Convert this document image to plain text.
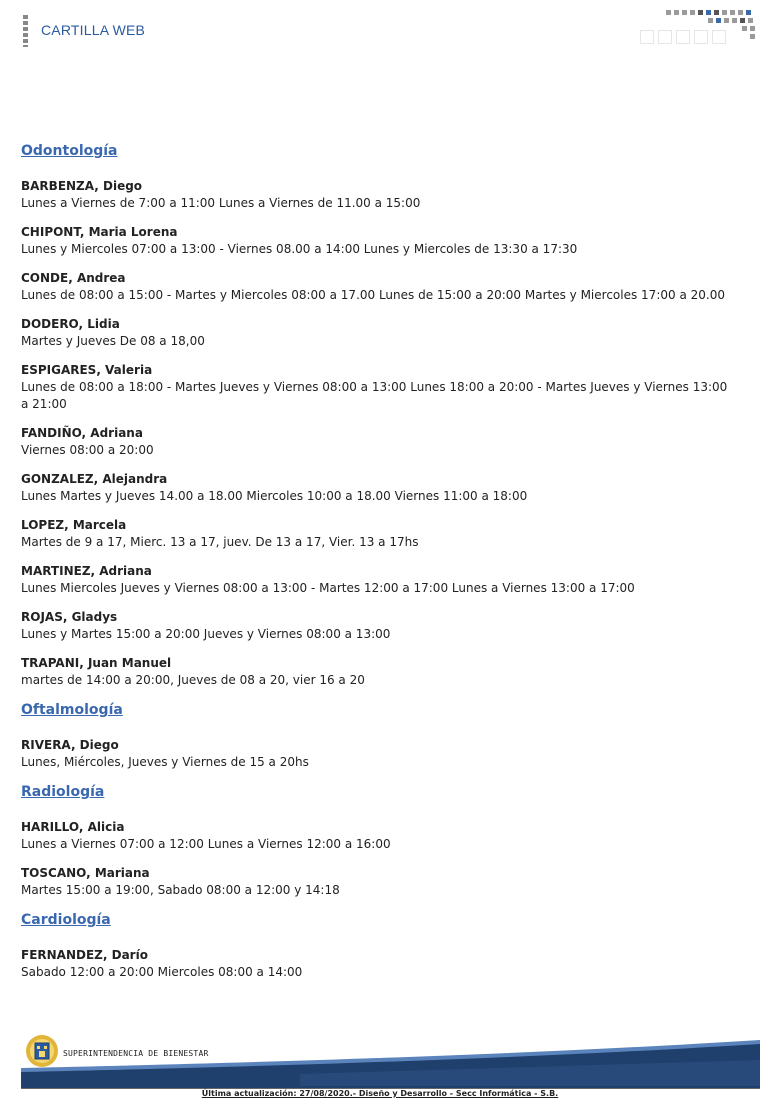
CARTILLA WEB
Odontología
BARBENZA, Diego
Lunes a Viernes de 7:00 a 11:00 Lunes a Viernes de 11.00 a 15:00
CHIPONT, Maria Lorena
Lunes y Miercoles 07:00 a 13:00 - Viernes 08.00 a 14:00 Lunes y Miercoles de 13:30 a 17:30
CONDE, Andrea
Lunes de 08:00 a 15:00 - Martes y Miercoles 08:00 a 17.00 Lunes de 15:00 a 20:00 Martes y Miercoles 17:00 a 20.00
DODERO, Lidia
Martes y Jueves De 08 a 18,00
ESPIGARES, Valeria
Lunes de 08:00 a 18:00 - Martes Jueves y Viernes 08:00 a 13:00 Lunes 18:00 a 20:00 - Martes Jueves y Viernes 13:00 a 21:00
FANDIÑO, Adriana
Viernes 08:00 a 20:00
GONZALEZ, Alejandra
Lunes Martes y Jueves 14.00 a 18.00 Miercoles 10:00 a 18.00 Viernes 11:00 a 18:00
LOPEZ, Marcela
Martes de 9 a 17, Mierc. 13 a 17, juev. De 13 a 17, Vier. 13 a 17hs
MARTINEZ, Adriana
Lunes Miercoles Jueves y Viernes 08:00 a 13:00 - Martes 12:00 a 17:00 Lunes a Viernes 13:00 a 17:00
ROJAS, Gladys
Lunes y Martes 15:00 a 20:00 Jueves y Viernes 08:00 a 13:00
TRAPANI, Juan Manuel
martes de 14:00 a 20:00, Jueves de 08 a 20, vier 16 a 20
Oftalmología
RIVERA, Diego
Lunes, Miércoles, Jueves y Viernes de 15 a 20hs
Radiología
HARILLO, Alicia
Lunes a Viernes 07:00 a 12:00 Lunes a Viernes 12:00 a 16:00
TOSCANO, Mariana
Martes 15:00 a 19:00, Sabado 08:00 a 12:00 y 14:18
Cardiología
FERNANDEZ, Darío
Sabado 12:00 a 20:00 Miercoles 08:00 a 14:00
SUPERINTENDENCIA DE BIENESTAR
Última actualización: 27/08/2020.- Diseño y Desarrollo - Secc Informática - S.B.
